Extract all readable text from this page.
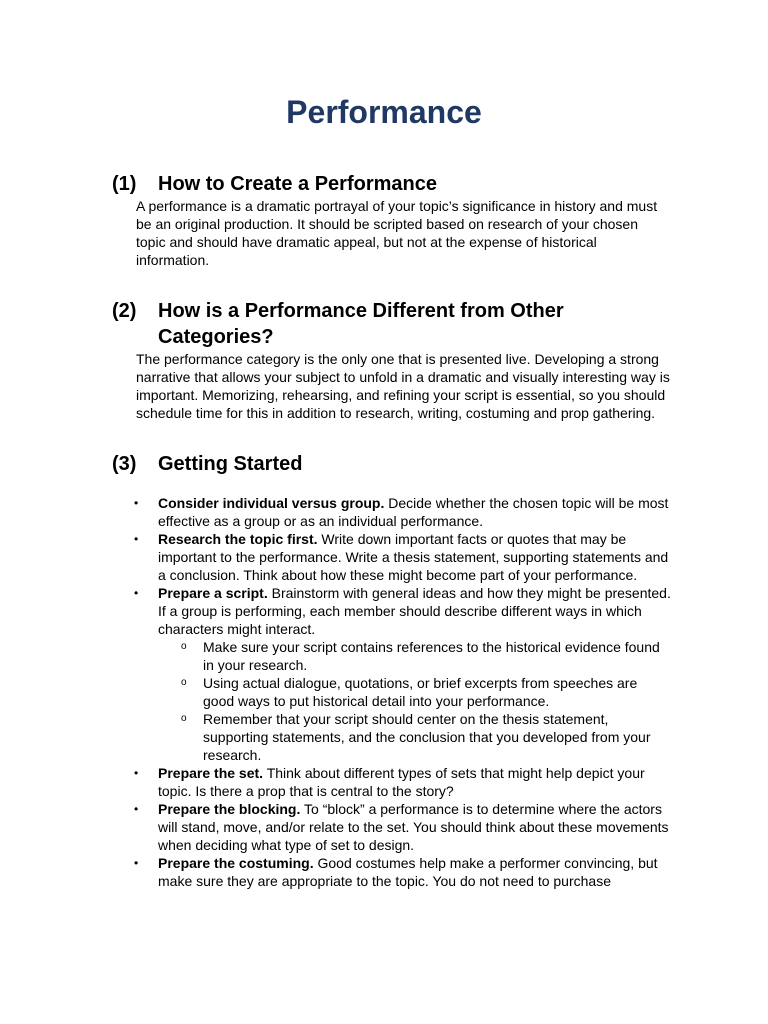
Performance
(1) How to Create a Performance
A performance is a dramatic portrayal of your topic’s significance in history and must be an original production. It should be scripted based on research of your chosen topic and should have dramatic appeal, but not at the expense of historical information.
(2) How is a Performance Different from Other Categories?
The performance category is the only one that is presented live. Developing a strong narrative that allows your subject to unfold in a dramatic and visually interesting way is important. Memorizing, rehearsing, and refining your script is essential, so you should schedule time for this in addition to research, writing, costuming and prop gathering.
(3) Getting Started
• Consider individual versus group. Decide whether the chosen topic will be most effective as a group or as an individual performance.
• Research the topic first. Write down important facts or quotes that may be important to the performance. Write a thesis statement, supporting statements and a conclusion. Think about how these might become part of your performance.
• Prepare a script. Brainstorm with general ideas and how they might be presented. If a group is performing, each member should describe different ways in which characters might interact.
o Make sure your script contains references to the historical evidence found in your research.
o Using actual dialogue, quotations, or brief excerpts from speeches are good ways to put historical detail into your performance.
o Remember that your script should center on the thesis statement, supporting statements, and the conclusion that you developed from your research.
• Prepare the set. Think about different types of sets that might help depict your topic. Is there a prop that is central to the story?
• Prepare the blocking. To “block” a performance is to determine where the actors will stand, move, and/or relate to the set. You should think about these movements when deciding what type of set to design.
• Prepare the costuming. Good costumes help make a performer convincing, but make sure they are appropriate to the topic. You do not need to purchase
